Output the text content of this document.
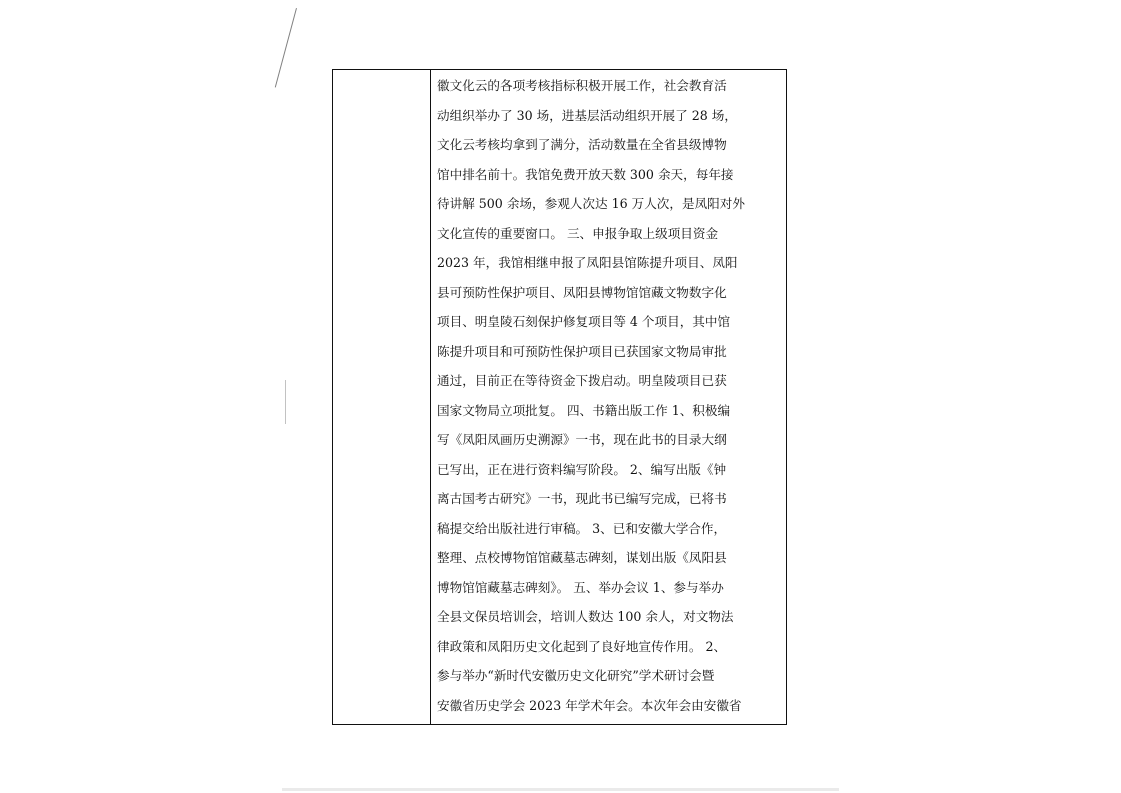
徽文化云的各项考核指标积极开展工作，社会教育活
动组织举办了 30 场，进基层活动组织开展了 28 场，
文化云考核均拿到了满分，活动数量在全省县级博物
馆中排名前十。我馆免费开放天数 300 余天，每年接
待讲解 500 余场，参观人次达 16 万人次，是凤阳对外
文化宣传的重要窗口。 三、申报争取上级项目资金
2023 年，我馆相继申报了凤阳县馆陈提升项目、凤阳
县可预防性保护项目、凤阳县博物馆馆藏文物数字化
项目、明皇陵石刻保护修复项目等 4 个项目，其中馆
陈提升项目和可预防性保护项目已获国家文物局审批
通过，目前正在等待资金下拨启动。明皇陵项目已获
国家文物局立项批复。 四、书籍出版工作 1、积极编
写《凤阳凤画历史溯源》一书，现在此书的目录大纲
已写出，正在进行资料编写阶段。 2、编写出版《钟
离古国考古研究》一书，现此书已编写完成，已将书
稿提交给出版社进行审稿。 3、已和安徽大学合作，
整理、点校博物馆馆藏墓志碑刻，谋划出版《凤阳县
博物馆馆藏墓志碑刻》。 五、举办会议 1、参与举办
全县文保员培训会，培训人数达 100 余人，对文物法
律政策和凤阳历史文化起到了良好地宣传作用。 2、
参与举办“新时代安徽历史文化研究”学术研讨会暨
安徽省历史学会 2023 年学术年会。本次年会由安徽省
